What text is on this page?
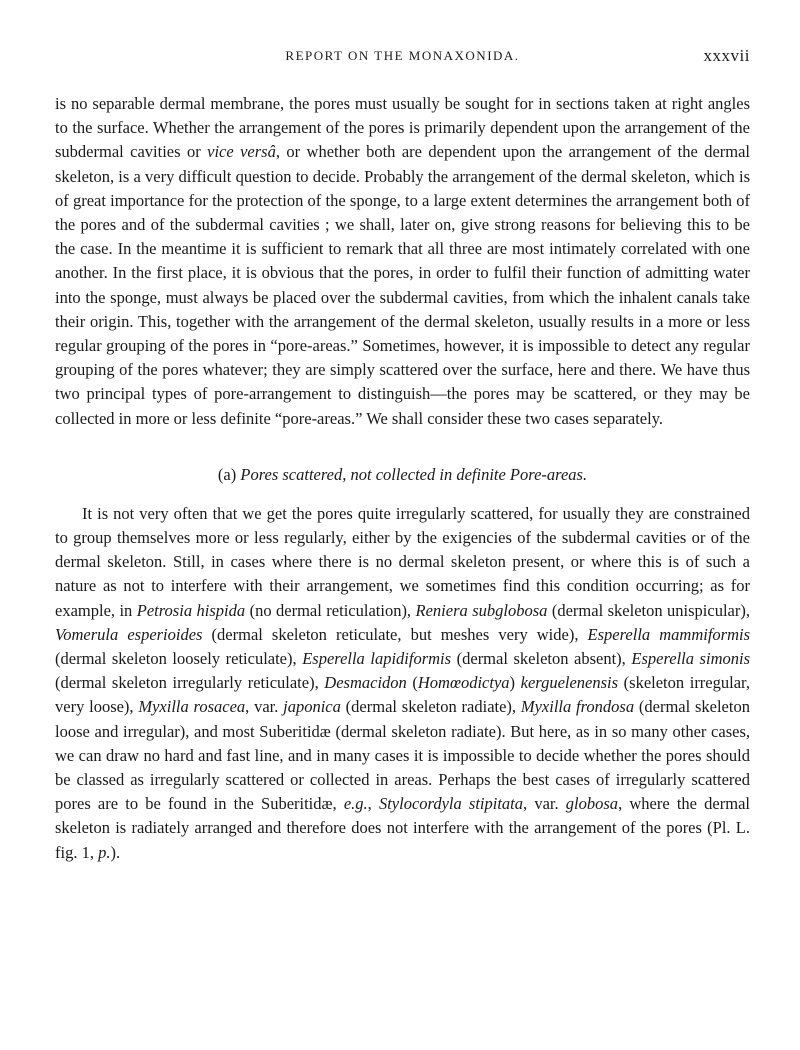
REPORT ON THE MONAXONIDA.	xxxvii

is no separable dermal membrane, the pores must usually be sought for in sections taken at right angles to the surface. Whether the arrangement of the pores is primarily dependent upon the arrangement of the subdermal cavities or vice versâ, or whether both are dependent upon the arrangement of the dermal skeleton, is a very difficult question to decide. Probably the arrangement of the dermal skeleton, which is of great importance for the protection of the sponge, to a large extent determines the arrangement both of the pores and of the subdermal cavities ; we shall, later on, give strong reasons for believing this to be the case. In the meantime it is sufficient to remark that all three are most intimately correlated with one another. In the first place, it is obvious that the pores, in order to fulfil their function of admitting water into the sponge, must always be placed over the subdermal cavities, from which the inhalent canals take their origin. This, together with the arrangement of the dermal skeleton, usually results in a more or less regular grouping of the pores in “pore-areas.” Sometimes, however, it is impossible to detect any regular grouping of the pores whatever; they are simply scattered over the surface, here and there. We have thus two principal types of pore-arrangement to distinguish—the pores may be scattered, or they may be collected in more or less definite “pore-areas.” We shall consider these two cases separately.

(a) Pores scattered, not collected in definite Pore-areas.

It is not very often that we get the pores quite irregularly scattered, for usually they are constrained to group themselves more or less regularly, either by the exigencies of the subdermal cavities or of the dermal skeleton. Still, in cases where there is no dermal skeleton present, or where this is of such a nature as not to interfere with their arrangement, we sometimes find this condition occurring; as for example, in Petrosia hispida (no dermal reticulation), Reniera subglobosa (dermal skeleton unispicular), Vomerula esperioides (dermal skeleton reticulate, but meshes very wide), Esperella mammiformis (dermal skeleton loosely reticulate), Esperella lapidiformis (dermal skeleton absent), Esperella simonis (dermal skeleton irregularly reticulate), Desmacidon (Homœodictya) kerguelenensis (skeleton irregular, very loose), Myxilla rosacea, var. japonica (dermal skeleton radiate), Myxilla frondosa (dermal skeleton loose and irregular), and most Suberitidæ (dermal skeleton radiate). But here, as in so many other cases, we can draw no hard and fast line, and in many cases it is impossible to decide whether the pores should be classed as irregularly scattered or collected in areas. Perhaps the best cases of irregularly scattered pores are to be found in the Suberitidæ, e.g., Stylocordyla stipitata, var. globosa, where the dermal skeleton is radiately arranged and therefore does not interfere with the arrangement of the pores (Pl. L. fig. 1, p.).
